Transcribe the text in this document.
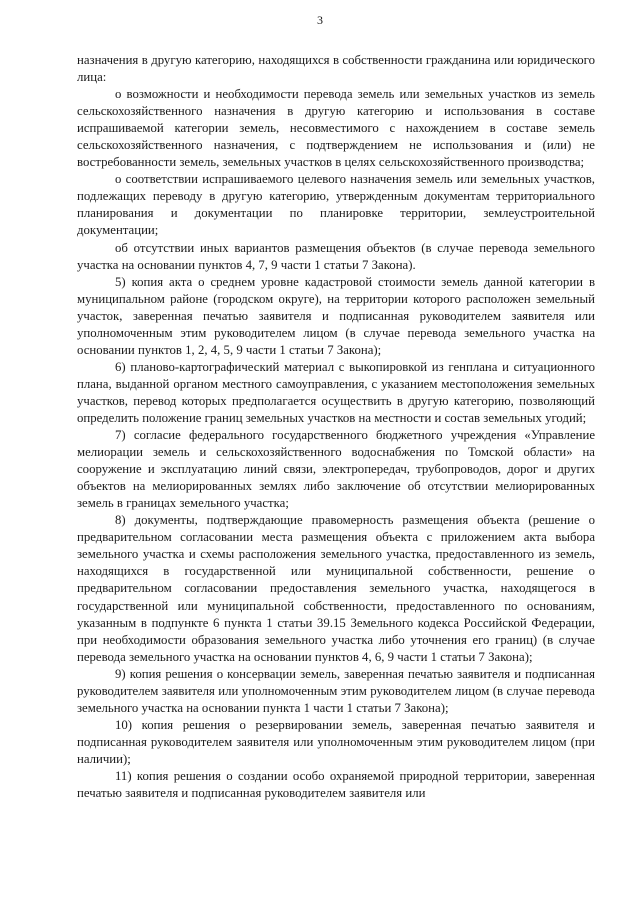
3

назначения в другую категорию, находящихся в собственности гражданина или юридического лица:

о возможности и необходимости перевода земель или земельных участков из земель сельскохозяйственного назначения в другую категорию и использования в составе испрашиваемой категории земель, несовместимого с нахождением в составе земель сельскохозяйственного назначения, с подтверждением не использования и (или) не востребованности земель, земельных участков в целях сельскохозяйственного производства;

о соответствии испрашиваемого целевого назначения земель или земельных участков, подлежащих переводу в другую категорию, утвержденным документам территориального планирования и документации по планировке территории, землеустроительной документации;

об отсутствии иных вариантов размещения объектов (в случае перевода земельного участка на основании пунктов 4, 7, 9 части 1 статьи 7 Закона).

5) копия акта о среднем уровне кадастровой стоимости земель данной категории в муниципальном районе (городском округе), на территории которого расположен земельный участок, заверенная печатью заявителя и подписанная руководителем заявителя или уполномоченным этим руководителем лицом (в случае перевода земельного участка на основании пунктов 1, 2, 4, 5, 9 части 1 статьи 7 Закона);

6) планово-картографический материал с выкопировкой из генплана и ситуационного плана, выданной органом местного самоуправления, с указанием местоположения земельных участков, перевод которых предполагается осуществить в другую категорию, позволяющий определить положение границ земельных участков на местности и состав земельных угодий;

7) согласие федерального государственного бюджетного учреждения «Управление мелиорации земель и сельскохозяйственного водоснабжения по Томской области» на сооружение и эксплуатацию линий связи, электропередач, трубопроводов, дорог и других объектов на мелиорированных землях либо заключение об отсутствии мелиорированных земель в границах земельного участка;

8) документы, подтверждающие правомерность размещения объекта (решение о предварительном согласовании места размещения объекта с приложением акта выбора земельного участка и схемы расположения земельного участка, предоставленного из земель, находящихся в государственной или муниципальной собственности, решение о предварительном согласовании предоставления земельного участка, находящегося в государственной или муниципальной собственности, предоставленного по основаниям, указанным в подпункте 6 пункта 1 статьи 39.15 Земельного кодекса Российской Федерации, при необходимости образования земельного участка либо уточнения его границ) (в случае перевода земельного участка на основании пунктов 4, 6, 9 части 1 статьи 7 Закона);

9) копия решения о консервации земель, заверенная печатью заявителя и подписанная руководителем заявителя или уполномоченным этим руководителем лицом (в случае перевода земельного участка на основании пункта 1 части 1 статьи 7 Закона);

10) копия решения о резервировании земель, заверенная печатью заявителя и подписанная руководителем заявителя или уполномоченным этим руководителем лицом (при наличии);

11) копия решения о создании особо охраняемой природной территории, заверенная печатью заявителя и подписанная руководителем заявителя или
